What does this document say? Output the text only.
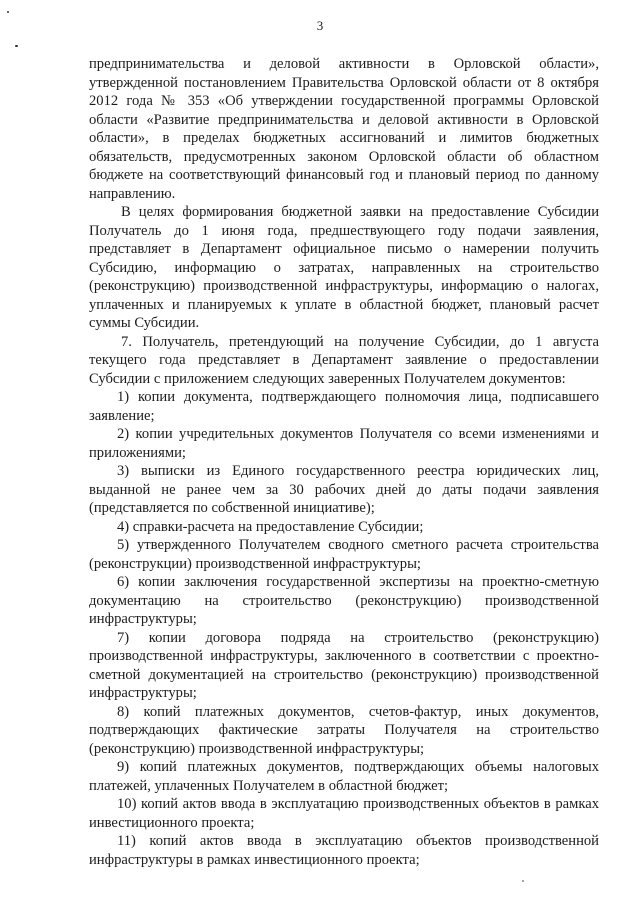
3

предпринимательства и деловой активности в Орловской области», утвержденной постановлением Правительства Орловской области от 8 октября 2012 года № 353 «Об утверждении государственной программы Орловской области «Развитие предпринимательства и деловой активности в Орловской области», в пределах бюджетных ассигнований и лимитов бюджетных обязательств, предусмотренных законом Орловской области об областном бюджете на соответствующий финансовый год и плановый период по данному направлению.

В целях формирования бюджетной заявки на предоставление Субсидии Получатель до 1 июня года, предшествующего году подачи заявления, представляет в Департамент официальное письмо о намерении получить Субсидию, информацию о затратах, направленных на строительство (реконструкцию) производственной инфраструктуры, информацию о налогах, уплаченных и планируемых к уплате в областной бюджет, плановый расчет суммы Субсидии.

7. Получатель, претендующий на получение Субсидии, до 1 августа текущего года представляет в Департамент заявление о предоставлении Субсидии с приложением следующих заверенных Получателем документов:

1) копии документа, подтверждающего полномочия лица, подписавшего заявление;

2) копии учредительных документов Получателя со всеми изменениями и приложениями;

3) выписки из Единого государственного реестра юридических лиц, выданной не ранее чем за 30 рабочих дней до даты подачи заявления (представляется по собственной инициативе);

4) справки-расчета на предоставление Субсидии;

5) утвержденного Получателем сводного сметного расчета строительства (реконструкции) производственной инфраструктуры;

6) копии заключения государственной экспертизы на проектно-сметную документацию на строительство (реконструкцию) производственной инфраструктуры;

7) копии договора подряда на строительство (реконструкцию) производственной инфраструктуры, заключенного в соответствии с проектно-сметной документацией на строительство (реконструкцию) производственной инфраструктуры;

8) копий платежных документов, счетов-фактур, иных документов, подтверждающих фактические затраты Получателя на строительство (реконструкцию) производственной инфраструктуры;

9) копий платежных документов, подтверждающих объемы налоговых платежей, уплаченных Получателем в областной бюджет;

10) копий актов ввода в эксплуатацию производственных объектов в рамках инвестиционного проекта;

11) копий актов ввода в эксплуатацию объектов производственной инфраструктуры в рамках инвестиционного проекта;
